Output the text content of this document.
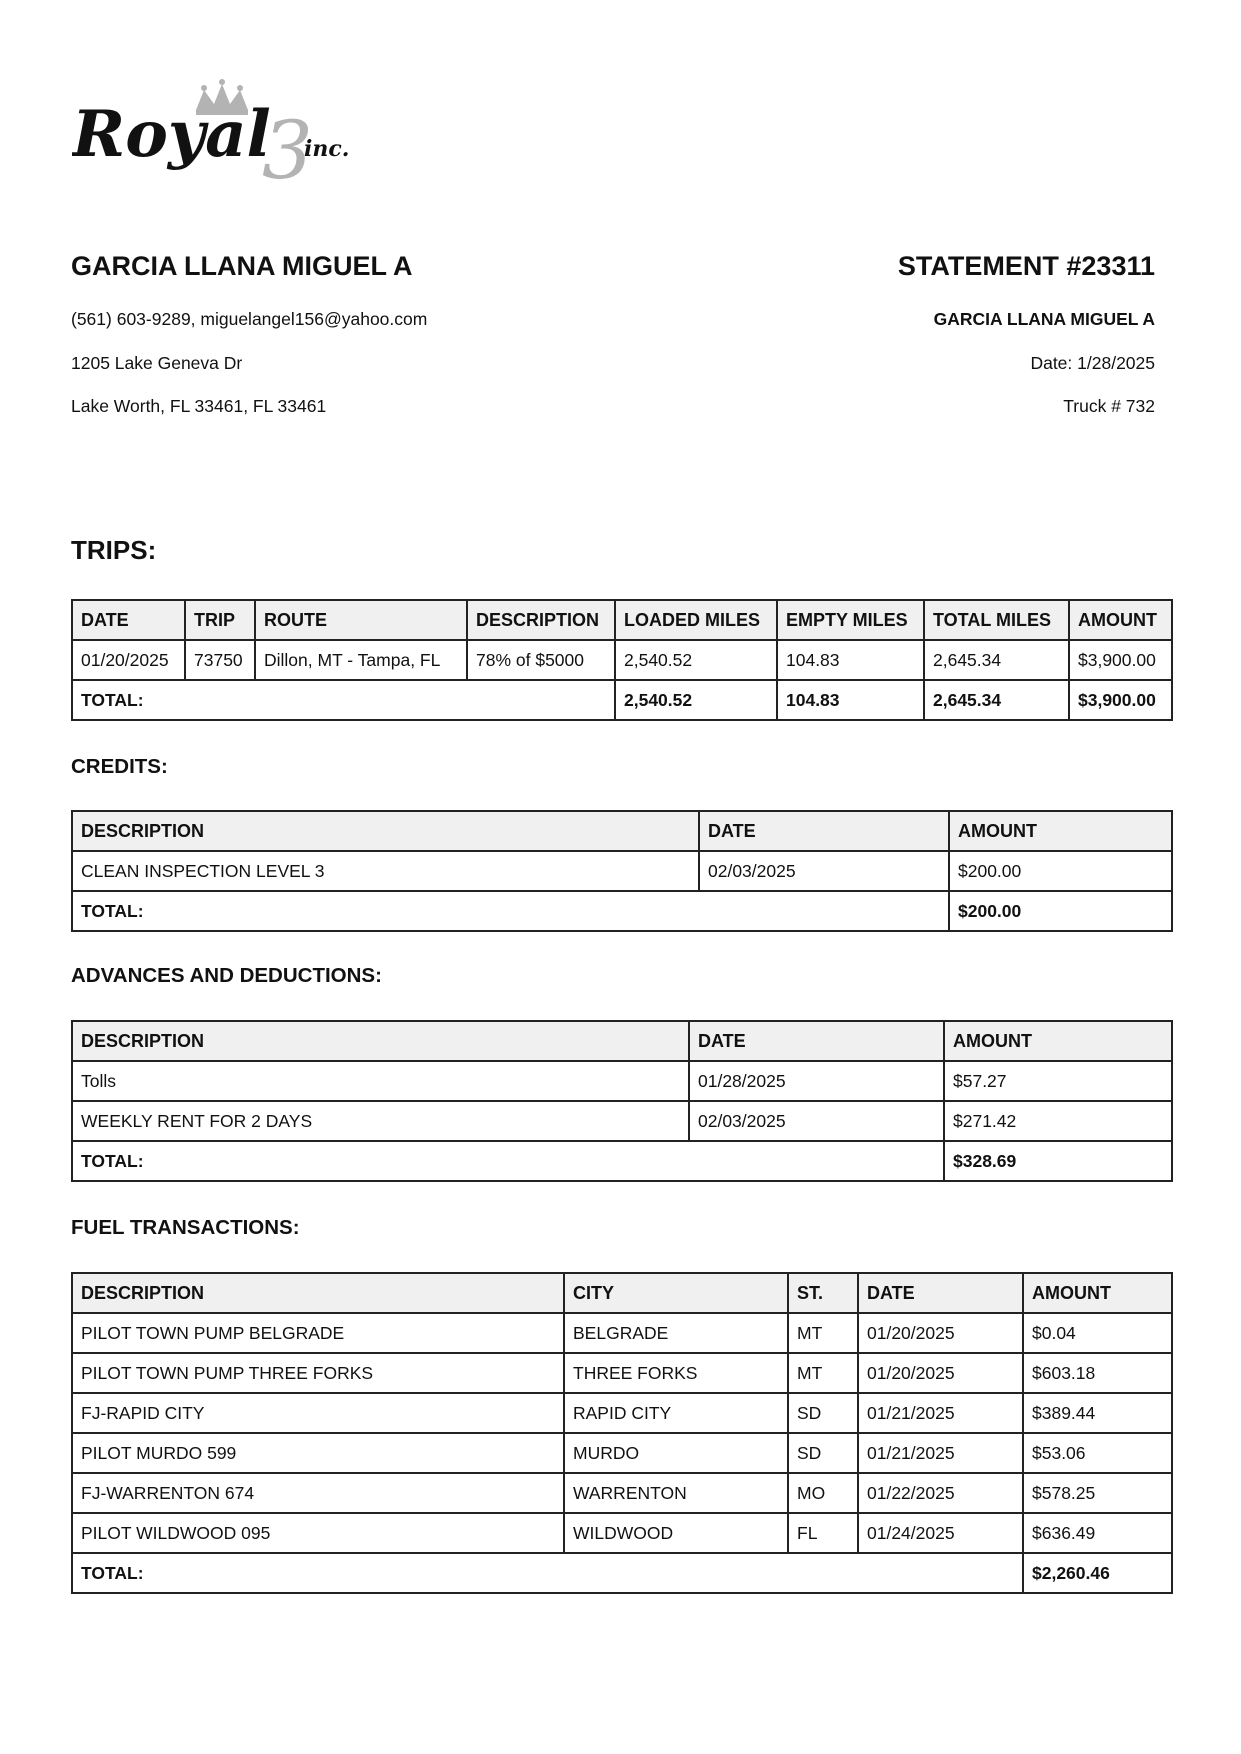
Royal
3
inc.
GARCIA LLANA MIGUEL A
(561) 603-9289, miguelangel156@yahoo.com
1205 Lake Geneva Dr
Lake Worth, FL 33461, FL 33461
STATEMENT #23311
GARCIA LLANA MIGUEL A
Date: 1/28/2025
Truck # 732
TRIPS:
DATE	TRIP	ROUTE	DESCRIPTION	LOADED MILES	EMPTY MILES	TOTAL MILES	AMOUNT
01/20/2025	73750	Dillon, MT - Tampa, FL	78% of $5000	2,540.52	104.83	2,645.34	$3,900.00
TOTAL:				2,540.52	104.83	2,645.34	$3,900.00
CREDITS:
DESCRIPTION	DATE	AMOUNT
CLEAN INSPECTION LEVEL 3	02/03/2025	$200.00
TOTAL:		$200.00
ADVANCES AND DEDUCTIONS:
DESCRIPTION	DATE	AMOUNT
Tolls	01/28/2025	$57.27
WEEKLY RENT FOR 2 DAYS	02/03/2025	$271.42
TOTAL:		$328.69
FUEL TRANSACTIONS:
DESCRIPTION	CITY	ST.	DATE	AMOUNT
PILOT TOWN PUMP BELGRADE	BELGRADE	MT	01/20/2025	$0.04
PILOT TOWN PUMP THREE FORKS	THREE FORKS	MT	01/20/2025	$603.18
FJ-RAPID CITY	RAPID CITY	SD	01/21/2025	$389.44
PILOT MURDO 599	MURDO	SD	01/21/2025	$53.06
FJ-WARRENTON 674	WARRENTON	MO	01/22/2025	$578.25
PILOT WILDWOOD 095	WILDWOOD	FL	01/24/2025	$636.49
TOTAL:				$2,260.46
